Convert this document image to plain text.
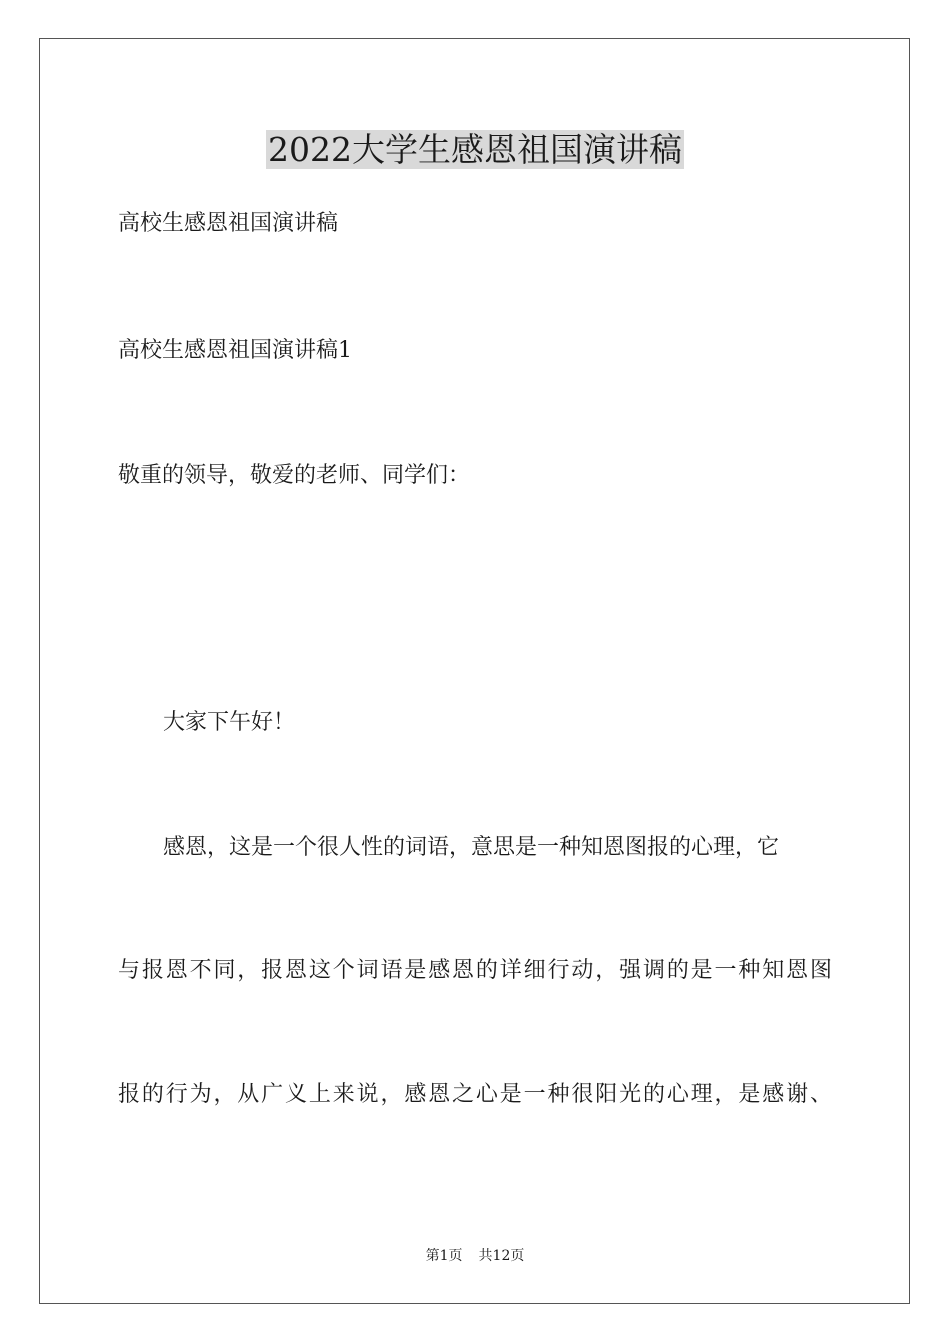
2022大学生感恩祖国演讲稿
高校生感恩祖国演讲稿
高校生感恩祖国演讲稿1
敬重的领导，敬爱的老师、同学们：
大家下午好！
感恩，这是一个很人性的词语，意思是一种知恩图报的心理，它
与报恩不同，报恩这个词语是感恩的详细行动，强调的是一种知恩图
报的行为，从广义上来说，感恩之心是一种很阳光的心理，是感谢、
第1页 共12页
